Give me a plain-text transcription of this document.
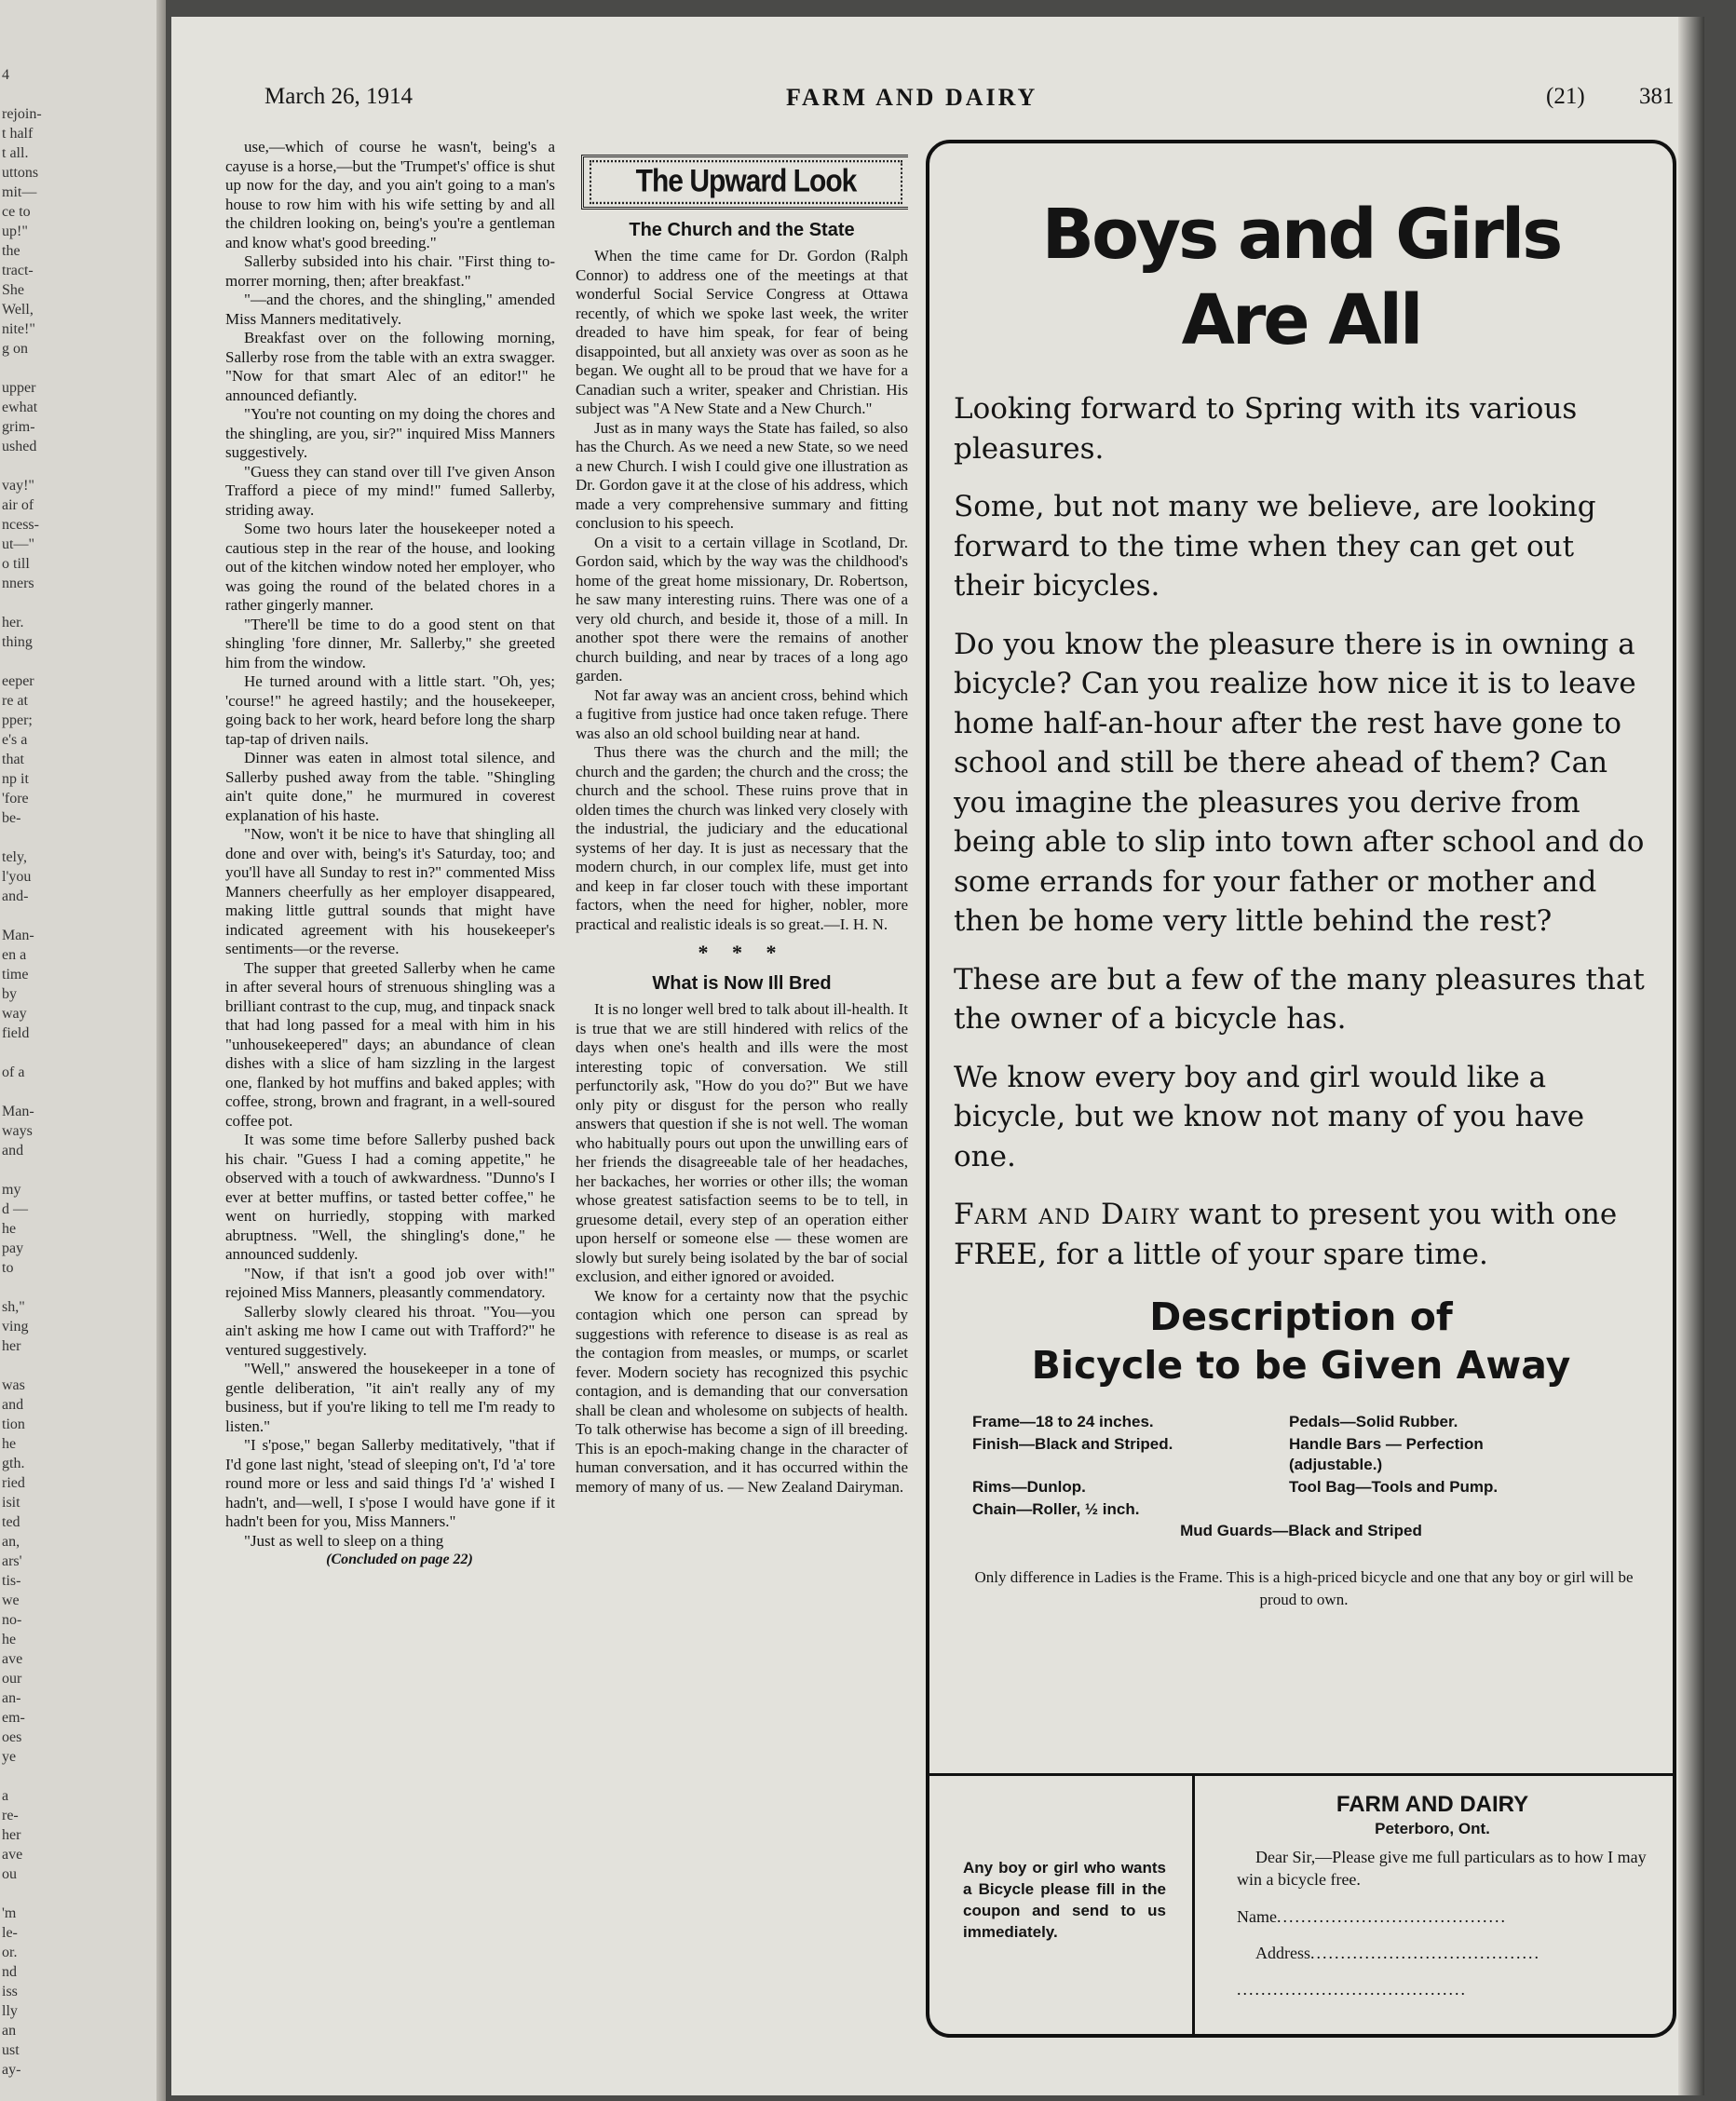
4
rejoin-
t half
t all.
uttons
mit—
ce to
up!"
the
tract-
She
Well,
nite!"
g on
upper
ewhat
grim-
ushed
vay!"
air of
ncess-
ut—"
o till
nners
her.
thing
eeper
re at
pper;
e's a
that
np it
'fore
be-
tely,
l'you
and-
Man-
en a
time
by
way
field
of a
Man-
ways
and
my
d —
he
pay
to
sh,"
ving
her
was
and
tion
he
gth.
ried
isit
ted
an,
ars'
tis-
we
no-
he
ave
our
an-
em-
oes
ye
a
re-
her
ave
ou
'm
le-
or.
nd
iss
lly
an
ust
ay-
March 26, 1914	FARM AND DAIRY	(21) 381

use,—which of course he wasn't, being's a cayuse is a horse,—but the 'Trumpet's' office is shut up now for the day, and you ain't going to a man's house to row him with his wife setting by and all the children looking on, being's you're a gentleman and know what's good breeding."

Sallerby subsided into his chair. "First thing to-morrer morning, then; after breakfast."

"—and the chores, and the shingling," amended Miss Manners meditatively.

Breakfast over on the following morning, Sallerby rose from the table with an extra swagger. "Now for that smart Alec of an editor!" he announced defiantly.

"You're not counting on my doing the chores and the shingling, are you, sir?" inquired Miss Manners suggestively.

"Guess they can stand over till I've given Anson Trafford a piece of my mind!" fumed Sallerby, striding away.

Some two hours later the housekeeper noted a cautious step in the rear of the house, and looking out of the kitchen window noted her employer, who was going the round of the belated chores in a rather gingerly manner.

"There'll be time to do a good stent on that shingling 'fore dinner, Mr. Sallerby," she greeted him from the window.

He turned around with a little start. "Oh, yes; 'course!" he agreed hastily; and the housekeeper, going back to her work, heard before long the sharp tap-tap of driven nails.

Dinner was eaten in almost total silence, and Sallerby pushed away from the table. "Shingling ain't quite done," he murmured in coverest explanation of his haste.

"Now, won't it be nice to have that shingling all done and over with, being's it's Saturday, too; and you'll have all Sunday to rest in?" commented Miss Manners cheerfully as her employer disappeared, making little guttral sounds that might have indicated agreement with his housekeeper's sentiments—or the reverse.

The supper that greeted Sallerby when he came in after several hours of strenuous shingling was a brilliant contrast to the cup, mug, and tinpack snack that had long passed for a meal with him in his "unhousekeepered" days; an abundance of clean dishes with a slice of ham sizzling in the largest one, flanked by hot muffins and baked apples; with coffee, strong, brown and fragrant, in a well-soured coffee pot.

It was some time before Sallerby pushed back his chair. "Guess I had a coming appetite," he observed with a touch of awkwardness. "Dunno's I ever at better muffins, or tasted better coffee," he went on hurriedly, stopping with marked abruptness. "Well, the shingling's done," he announced suddenly.

"Now, if that isn't a good job over with!" rejoined Miss Manners, pleasantly commendatory.

Sallerby slowly cleared his throat. "You—you ain't asking me how I came out with Trafford?" he ventured suggestively.

"Well," answered the housekeeper in a tone of gentle deliberation, "it ain't really any of my business, but if you're liking to tell me I'm ready to listen."

"I s'pose," began Sallerby meditatively, "that if I'd gone last night, 'stead of sleeping on't, I'd 'a' tore round more or less and said things I'd 'a' wished I hadn't, and—well, I s'pose I would have gone if it hadn't been for you, Miss Manners."

"Just as well to sleep on a thing

(Concluded on page 22)

The Upward Look
The Church and the State

When the time came for Dr. Gordon (Ralph Connor) to address one of the meetings at that wonderful Social Service Congress at Ottawa recently, of which we spoke last week, the writer dreaded to have him speak, for fear of being disappointed, but all anxiety was over as soon as he began. We ought all to be proud that we have for a Canadian such a writer, speaker and Christian. His subject was "A New State and a New Church."

Just as in many ways the State has failed, so also has the Church. As we need a new State, so we need a new Church. I wish I could give one illustration as Dr. Gordon gave it at the close of his address, which made a very comprehensive summary and fitting conclusion to his speech.

On a visit to a certain village in Scotland, Dr. Gordon said, which by the way was the childhood's home of the great home missionary, Dr. Robertson, he saw many interesting ruins. There was one of a very old church, and beside it, those of a mill. In another spot there were the remains of another church building, and near by traces of a long ago garden.

Not far away was an ancient cross, behind which a fugitive from justice had once taken refuge. There was also an old school building near at hand.

Thus there was the church and the mill; the church and the garden; the church and the cross; the church and the school. These ruins prove that in olden times the church was linked very closely with the industrial, the judiciary and the educational systems of her day. It is just as necessary that the modern church, in our complex life, must get into and keep in far closer touch with these important factors, when the need for higher, nobler, more practical and realistic ideals is so great.—I. H. N.

* * *
What is Now Ill Bred

It is no longer well bred to talk about ill-health. It is true that we are still hindered with relics of the days when one's health and ills were the most interesting topic of conversation. We still perfunctorily ask, "How do you do?" But we have only pity or disgust for the person who really answers that question if she is not well. The woman who habitually pours out upon the unwilling ears of her friends the disagreeable tale of her headaches, her backaches, her worries or other ills; the woman whose greatest satisfaction seems to be to tell, in gruesome detail, every step of an operation either upon herself or someone else — these women are slowly but surely being isolated by the bar of social exclusion, and either ignored or avoided.

We know for a certainty now that the psychic contagion which one person can spread by suggestions with reference to disease is as real as the contagion from measles, or mumps, or scarlet fever. Modern society has recognized this psychic contagion, and is demanding that our conversation shall be clean and wholesome on subjects of health. To talk otherwise has become a sign of ill breeding. This is an epoch-making change in the character of human conversation, and it has occurred within the memory of many of us. — New Zealand Dairyman.

Boys and Girls
Are All

Looking forward to Spring with its various pleasures.

Some, but not many we believe, are looking forward to the time when they can get out their bicycles.

Do you know the pleasure there is in owning a bicycle? Can you realize how nice it is to leave home half-an-hour after the rest have gone to school and still be there ahead of them? Can you imagine the pleasures you derive from being able to slip into town after school and do some errands for your father or mother and then be home very little behind the rest?

These are but a few of the many pleasures that the owner of a bicycle has.

We know every boy and girl would like a bicycle, but we know not many of you have one.

Farm and Dairy want to present you with one FREE, for a little of your spare time.

Description of
Bicycle to be Given Away
Frame—18 to 24 inches.	Pedals—Solid Rubber.
Finish—Black and Striped.	Handle Bars — Perfection (adjustable.)
Rims—Dunlop.	Tool Bag—Tools and Pump.
Chain—Roller, ½ inch.
Mud Guards—Black and Striped
Only difference in Ladies is the Frame. This is a high-priced bicycle and one that any boy or girl will be proud to own.
Any boy or girl who wants a Bicycle please fill in the coupon and send to us immediately.
FARM AND DAIRY
Peterboro, Ont.
Dear Sir,—Please give me full particulars as to how I may win a bicycle free.
Name......................................
Address......................................
......................................
